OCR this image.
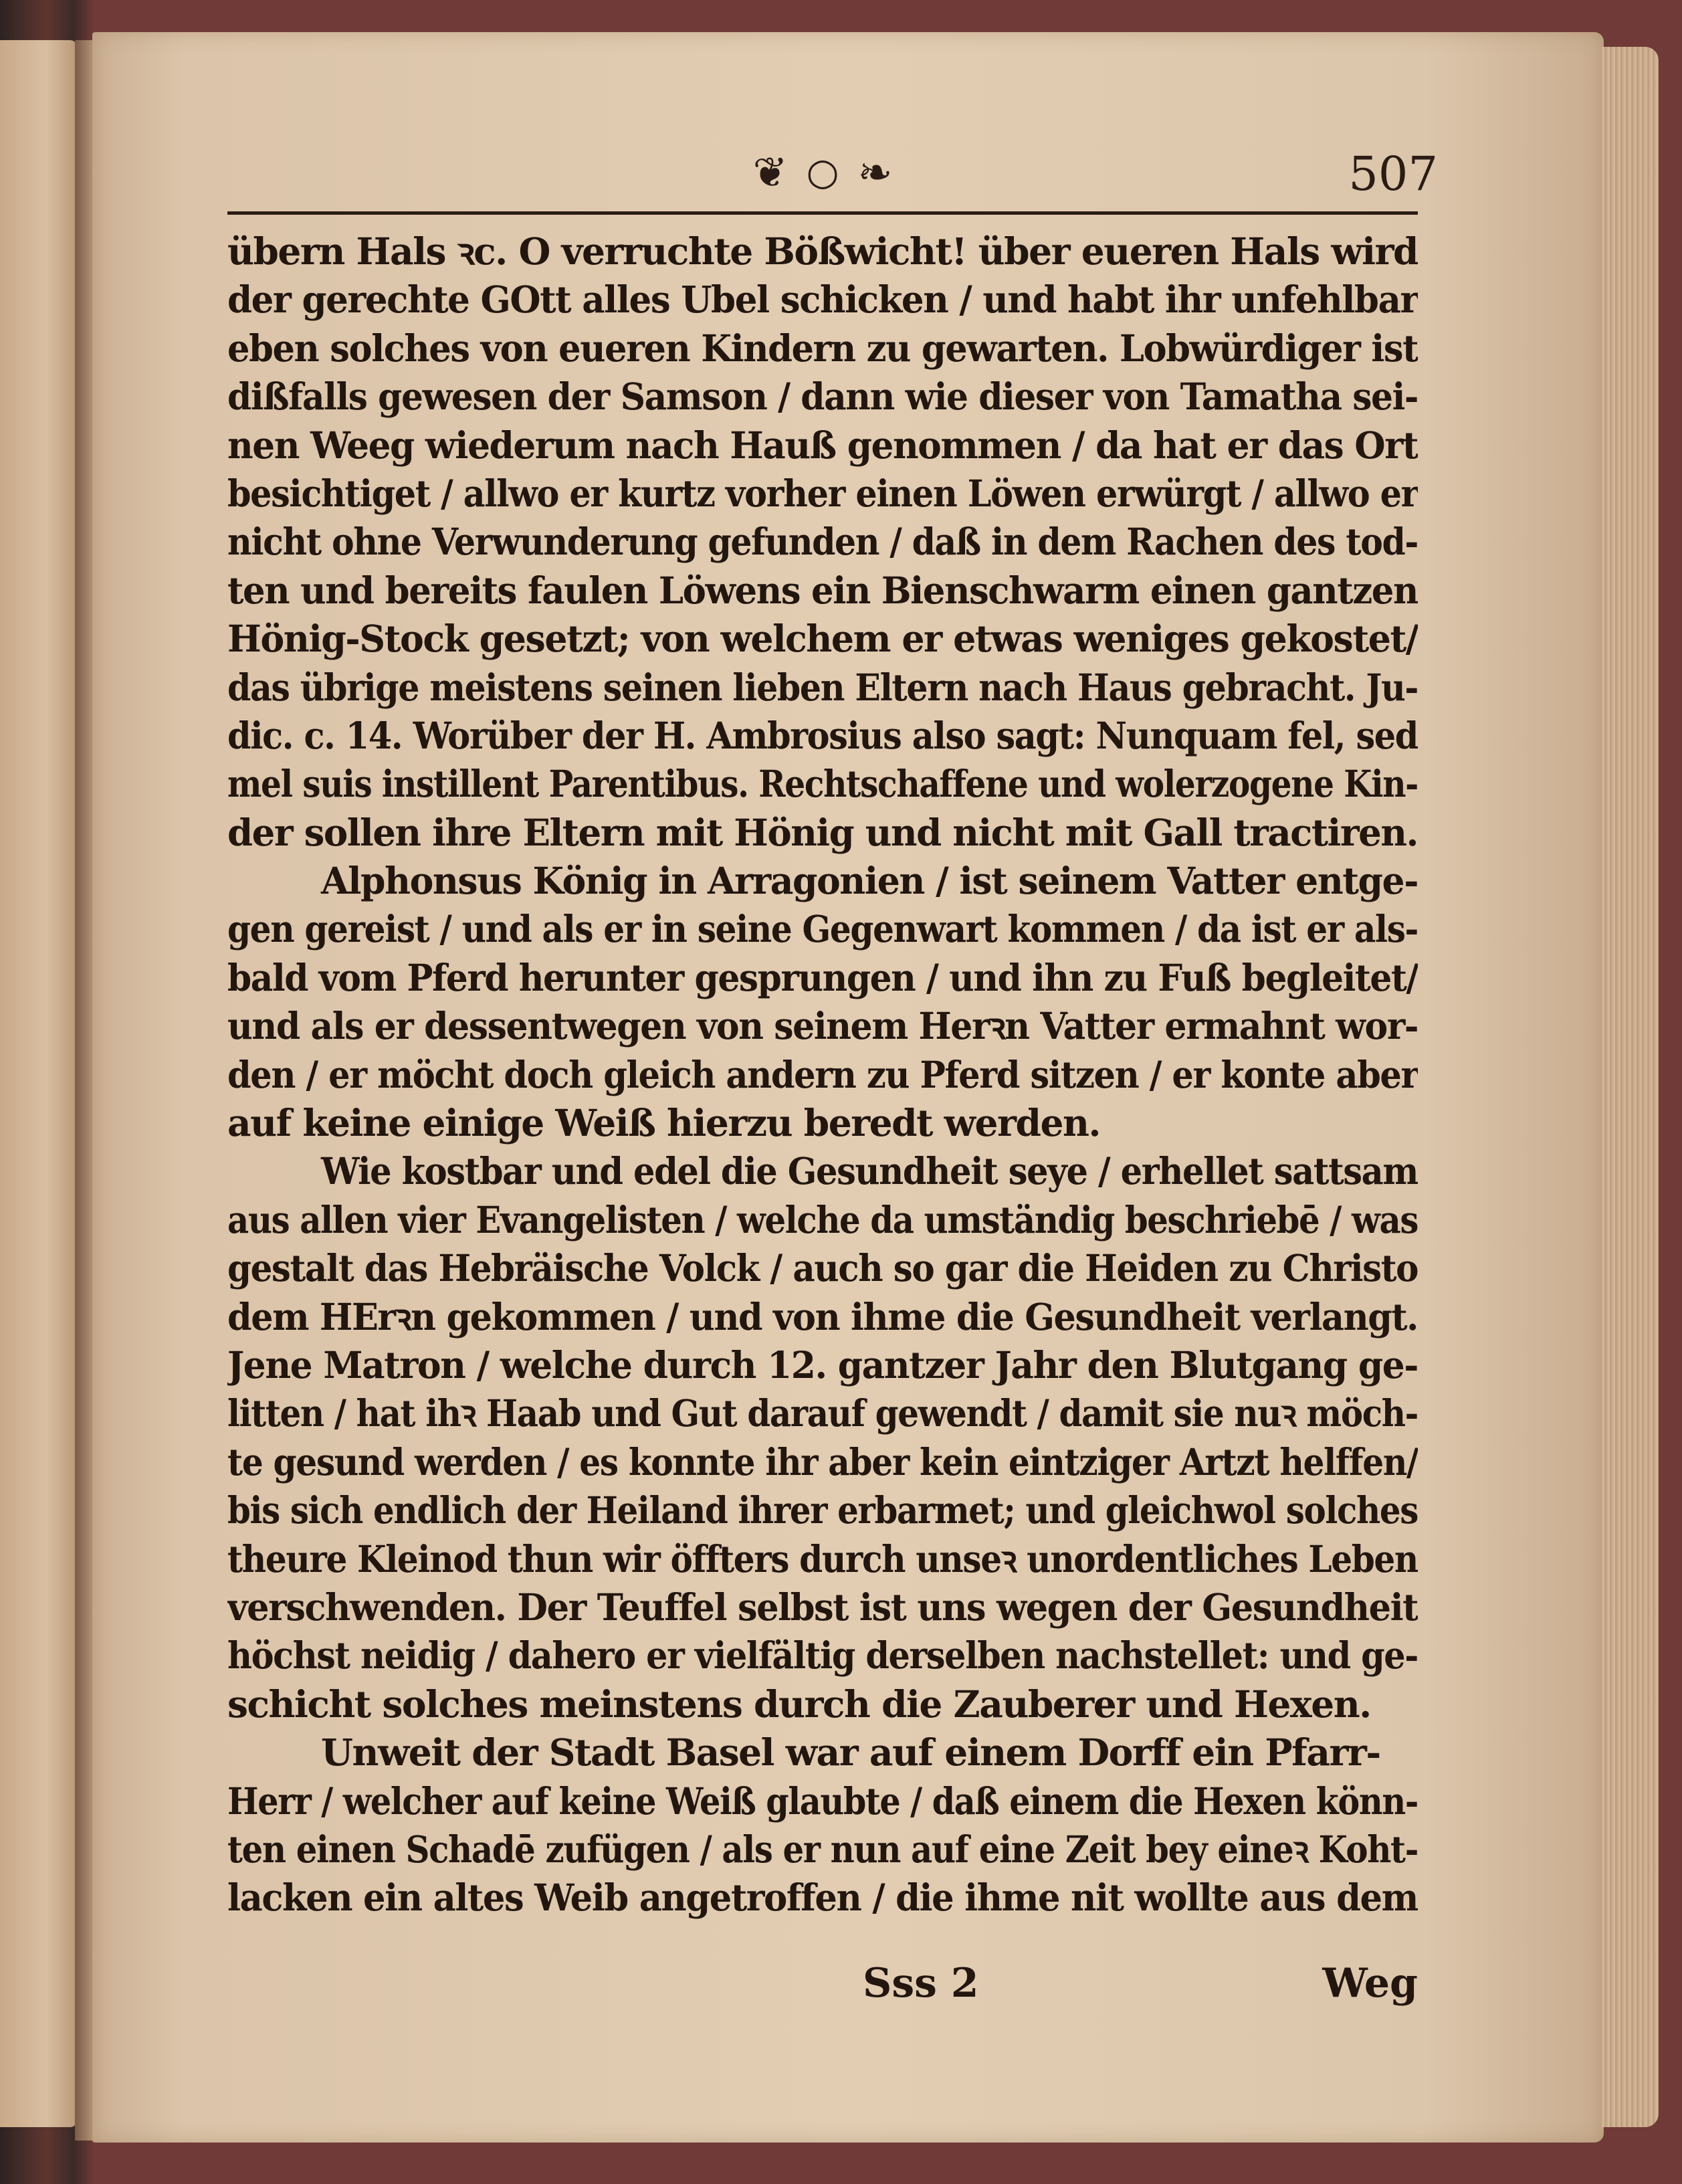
❦ ○ ❧	507
übern Hals ꝛc. O verruchte Bößwicht! über eueren Hals wird
der gerechte GOtt alles Ubel schicken / und habt ihr unfehlbar
eben solches von eueren Kindern zu gewarten. Lobwürdiger ist
dißfalls gewesen der Samson / dann wie dieser von Tamatha sei-
nen Weeg wiederum nach Hauß genommen / da hat er das Ort
besichtiget / allwo er kurtz vorher einen Löwen erwürgt / allwo er
nicht ohne Verwunderung gefunden / daß in dem Rachen des tod-
ten und bereits faulen Löwens ein Bienschwarm einen gantzen
Hönig-Stock gesetzt; von welchem er etwas weniges gekostet/
das übrige meistens seinen lieben Eltern nach Haus gebracht. Ju-
dic. c. 14. Worüber der H. Ambrosius also sagt: Nunquam fel, sed
mel suis instillent Parentibus. Rechtschaffene und wolerzogene Kin-
der sollen ihre Eltern mit Hönig und nicht mit Gall tractiren.
Alphonsus König in Arragonien / ist seinem Vatter entge-
gen gereist / und als er in seine Gegenwart kommen / da ist er als-
bald vom Pferd herunter gesprungen / und ihn zu Fuß begleitet/
und als er dessentwegen von seinem Herꝛn Vatter ermahnt wor-
den / er möcht doch gleich andern zu Pferd sitzen / er konte aber
auf keine einige Weiß hierzu beredt werden.
Wie kostbar und edel die Gesundheit seye / erhellet sattsam
aus allen vier Evangelisten / welche da umständig beschriebē / was
gestalt das Hebräische Volck / auch so gar die Heiden zu Christo
dem HErꝛn gekommen / und von ihme die Gesundheit verlangt.
Jene Matron / welche durch 12. gantzer Jahr den Blutgang ge-
litten / hat ihꝛ Haab und Gut darauf gewendt / damit sie nuꝛ möch-
te gesund werden / es konnte ihr aber kein eintziger Artzt helffen/
bis sich endlich der Heiland ihrer erbarmet; und gleichwol solches
theure Kleinod thun wir öffters durch unseꝛ unordentliches Leben
verschwenden. Der Teuffel selbst ist uns wegen der Gesundheit
höchst neidig / dahero er vielfältig derselben nachstellet: und ge-
schicht solches meinstens durch die Zauberer und Hexen.
Unweit der Stadt Basel war auf einem Dorff ein Pfarr-
Herr / welcher auf keine Weiß glaubte / daß einem die Hexen könn-
ten einen Schadē zufügen / als er nun auf eine Zeit bey eineꝛ Koht-
lacken ein altes Weib angetroffen / die ihme nit wollte aus dem
Sss 2	Weg
